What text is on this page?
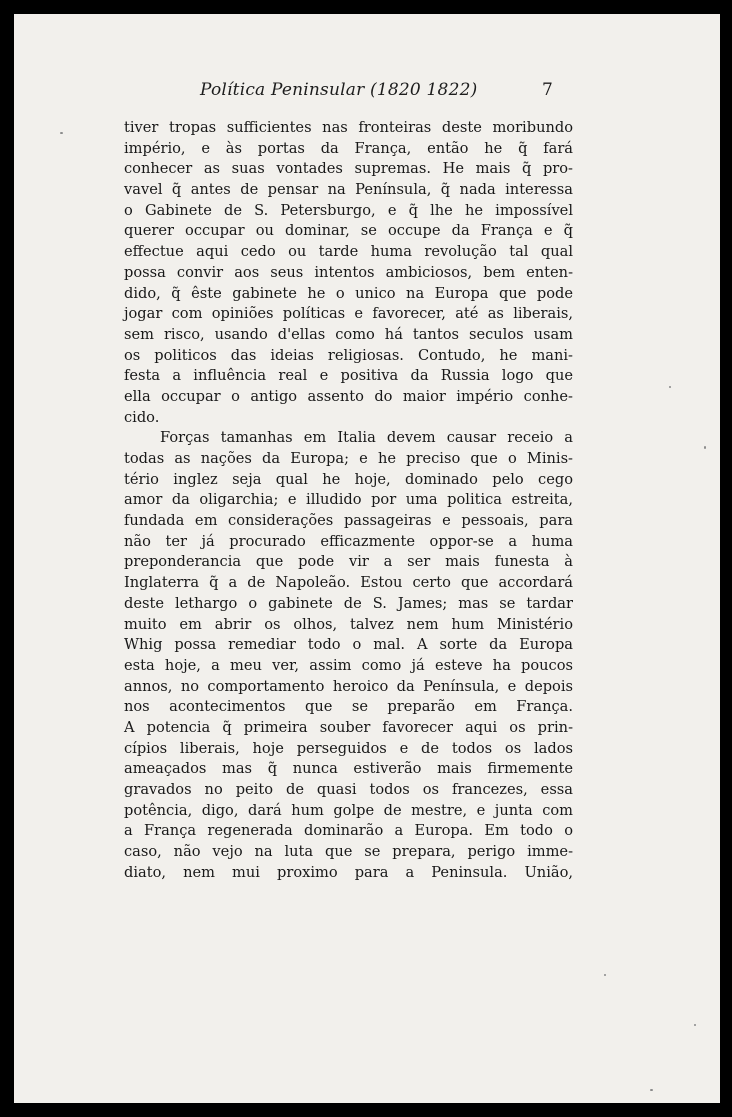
Política Peninsular (1820 1822)	7
tiver tropas sufficientes nas fronteiras deste moribundo
império, e às portas da França, então he q̃ fará
conhecer as suas vontades supremas. He mais q̃ pro-
vavel q̃ antes de pensar na Península, q̃ nada interessa
o Gabinete de S. Petersburgo, e q̃ lhe he impossível
querer occupar ou dominar, se occupe da França e q̃
effectue aqui cedo ou tarde huma revolução tal qual
possa convir aos seus intentos ambiciosos, bem enten-
dido, q̃ êste gabinete he o unico na Europa que pode
jogar com opiniões políticas e favorecer, até as liberais,
sem risco, usando d'ellas como há tantos seculos usam
os politicos das ideias religiosas. Contudo, he mani-
festa a influência real e positiva da Russia logo que
ella occupar o antigo assento do maior império conhe-
cido.
Forças tamanhas em Italia devem causar receio a
todas as nações da Europa; e he preciso que o Minis-
tério inglez seja qual he hoje, dominado pelo cego
amor da oligarchia; e illudido por uma politica estreita,
fundada em considerações passageiras e pessoais, para
não ter já procurado efficazmente oppor-se a huma
preponderancia que pode vir a ser mais funesta à
Inglaterra q̃ a de Napoleão. Estou certo que accordará
deste lethargo o gabinete de S. James; mas se tardar
muito em abrir os olhos, talvez nem hum Ministério
Whig possa remediar todo o mal. A sorte da Europa
esta hoje, a meu ver, assim como já esteve ha poucos
annos, no comportamento heroico da Península, e depois
nos acontecimentos que se preparão em França.
A potencia q̃ primeira souber favorecer aqui os prin-
cípios liberais, hoje perseguidos e de todos os lados
ameaçados mas q̃ nunca estiverão mais firmemente
gravados no peito de quasi todos os francezes, essa
potência, digo, dará hum golpe de mestre, e junta com
a França regenerada dominarão a Europa. Em todo o
caso, não vejo na luta que se prepara, perigo imme-
diato, nem mui proximo para a Peninsula. União,
